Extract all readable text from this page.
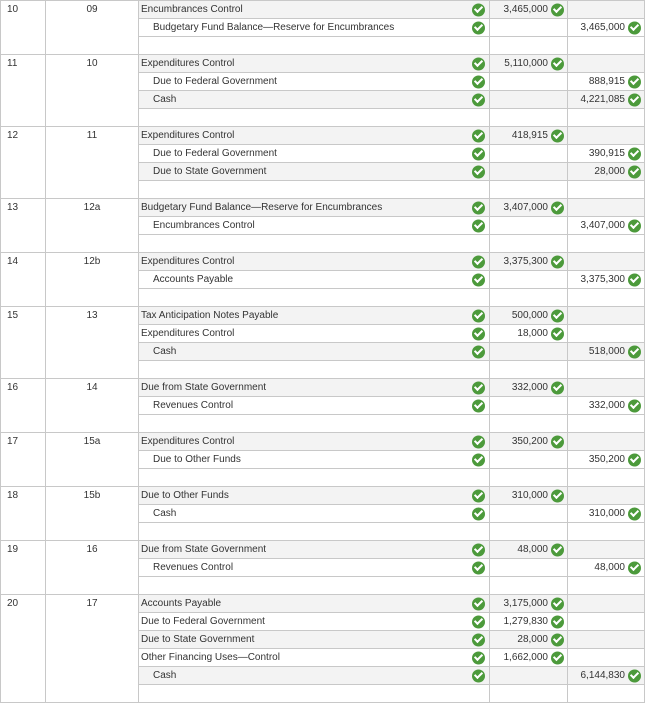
10	09	Encumbrances Control	3,465,000

		Budgetary Fund Balance—Reserve for Encumbrances		3,465,000

11	10	Expenditures Control	5,110,000

		Due to Federal Government		888,915

		Cash		4,221,085

12	11	Expenditures Control	418,915

		Due to Federal Government		390,915

		Due to State Government		28,000

13	12a	Budgetary Fund Balance—Reserve for Encumbrances	3,407,000

		Encumbrances Control		3,407,000

14	12b	Expenditures Control	3,375,300

		Accounts Payable		3,375,300

15	13	Tax Anticipation Notes Payable	500,000

		Expenditures Control	18,000

		Cash		518,000

16	14	Due from State Government	332,000

		Revenues Control		332,000

17	15a	Expenditures Control	350,200

		Due to Other Funds		350,200

18	15b	Due to Other Funds	310,000

		Cash		310,000

19	16	Due from State Government	48,000

		Revenues Control		48,000

20	17	Accounts Payable	3,175,000

		Due to Federal Government	1,279,830

		Due to State Government	28,000

		Other Financing Uses—Control	1,662,000

		Cash		6,144,830
